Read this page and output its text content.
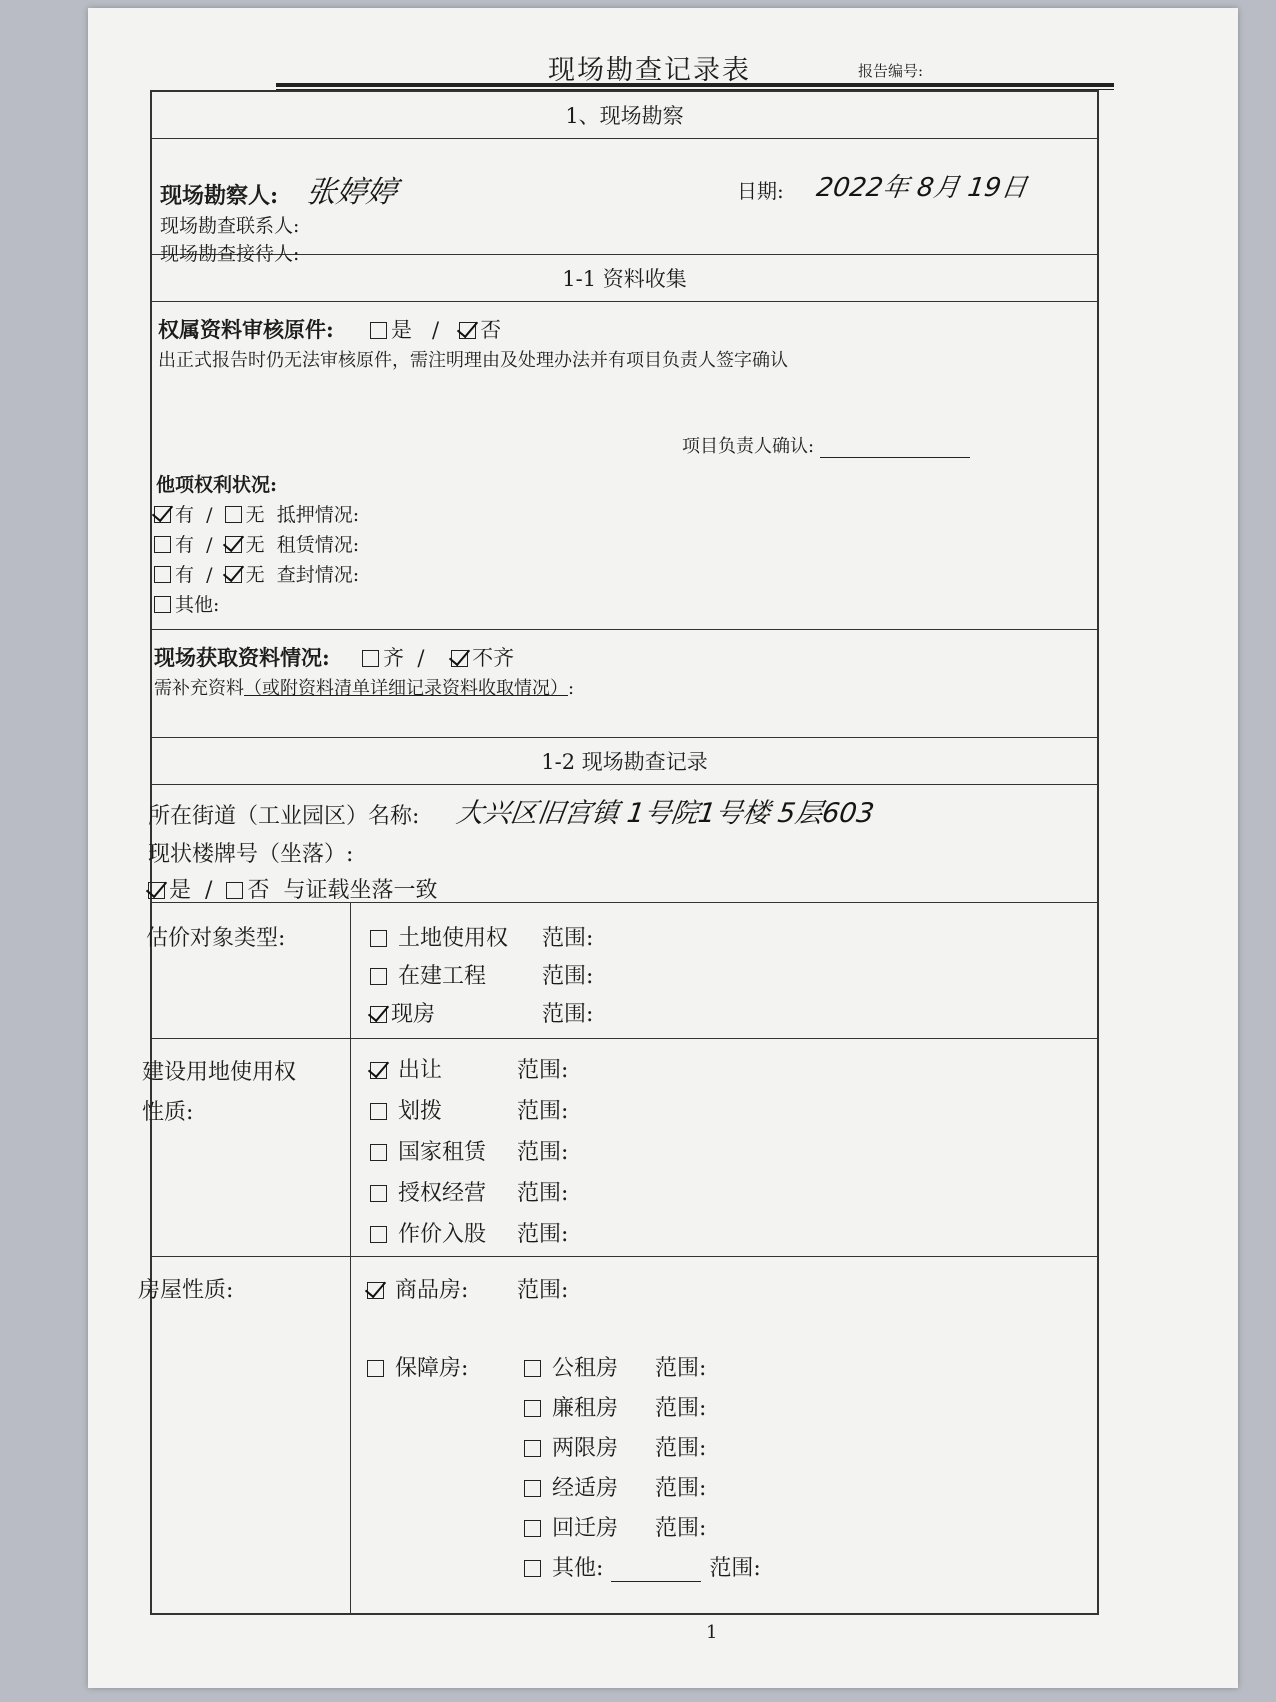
现场勘查记录表	报告编号:
1
1、现场勘察
现场勘察人: 张婷婷	日期: 2022年 8月 19日
现场勘查联系人:
现场勘查接待人:
1-1 资料收集
权属资料审核原件:	是 / 否
出正式报告时仍无法审核原件，需注明理由及处理办法并有项目负责人签字确认
项目负责人确认:
他项权利状况:
有 / 无 抵押情况:
有 / 无 租赁情况:
有 / 无 查封情况:
其他:
现场获取资料情况:	齐 / 不齐
需补充资料（或附资料清单详细记录资料收取情况）:
1-2 现场勘查记录
所在街道（工业园区）名称: 大兴区旧宫镇 1号院1号楼 5层603
现状楼牌号（坐落）:
是 / 否 与证载坐落一致
估价对象类型:	土地使用权 范围:
在建工程	范围:
现房	范围:
建设用地使用权
性质:
出让	范围:
划拨	范围:
国家租赁 范围:
授权经营 范围:
作价入股 范围:
房屋性质:	商品房: 范围:
保障房:	公租房 范围:
廉租房 范围:
两限房 范围:
经适房 范围:
回迁房 范围:
其他:	范围:
